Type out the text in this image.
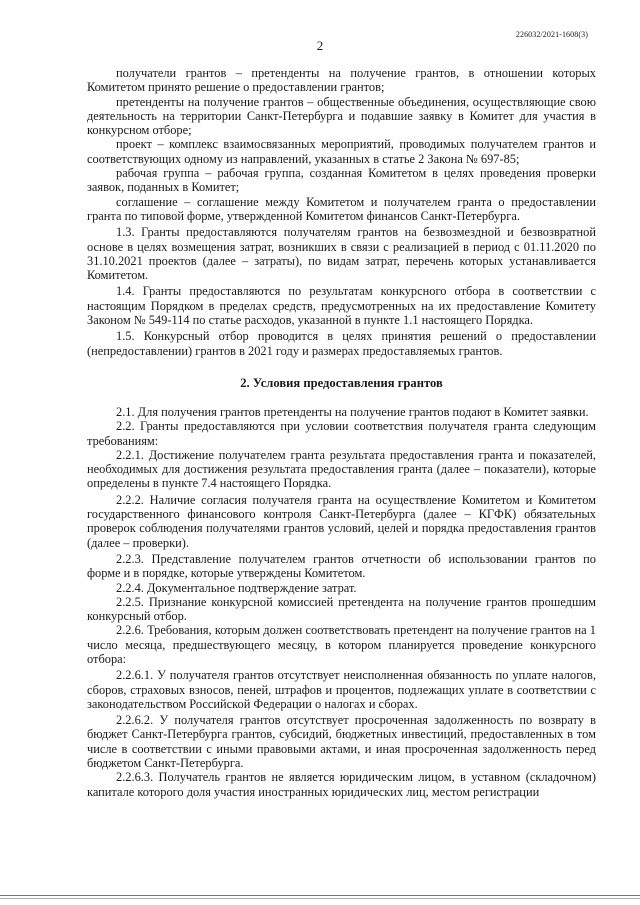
226032/2021-1608(3)
2

получатели грантов – претенденты на получение грантов, в отношении которых Комитетом принято решение о предоставлении грантов;

претенденты на получение грантов – общественные объединения, осуществляющие свою деятельность на территории Санкт-Петербурга и подавшие заявку в Комитет для участия в конкурсном отборе;

проект – комплекс взаимосвязанных мероприятий, проводимых получателем грантов и соответствующих одному из направлений, указанных в статье 2 Закона № 697-85;

рабочая группа – рабочая группа, созданная Комитетом в целях проведения проверки заявок, поданных в Комитет;

соглашение – соглашение между Комитетом и получателем гранта о предоставлении гранта по типовой форме, утвержденной Комитетом финансов Санкт-Петербурга.

1.3. Гранты предоставляются получателям грантов на безвозмездной и безвозвратной основе в целях возмещения затрат, возникших в связи с реализацией в период с 01.11.2020 по 31.10.2021 проектов (далее – затраты), по видам затрат, перечень которых устанавливается Комитетом.

1.4. Гранты предоставляются по результатам конкурсного отбора в соответствии с настоящим Порядком в пределах средств, предусмотренных на их предоставление Комитету Законом № 549-114 по статье расходов, указанной в пункте 1.1 настоящего Порядка.

1.5. Конкурсный отбор проводится в целях принятия решений о предоставлении (непредоставлении) грантов в 2021 году и размерах предоставляемых грантов.

2. Условия предоставления грантов

2.1. Для получения грантов претенденты на получение грантов подают в Комитет заявки.

2.2. Гранты предоставляются при условии соответствия получателя гранта следующим требованиям:

2.2.1. Достижение получателем гранта результата предоставления гранта и показателей, необходимых для достижения результата предоставления гранта (далее – показатели), которые определены в пункте 7.4 настоящего Порядка.

2.2.2. Наличие согласия получателя гранта на осуществление Комитетом и Комитетом государственного финансового контроля Санкт-Петербурга (далее – КГФК) обязательных проверок соблюдения получателями грантов условий, целей и порядка предоставления грантов (далее – проверки).

2.2.3. Представление получателем грантов отчетности об использовании грантов по форме и в порядке, которые утверждены Комитетом.

2.2.4. Документальное подтверждение затрат.

2.2.5. Признание конкурсной комиссией претендента на получение грантов прошедшим конкурсный отбор.

2.2.6. Требования, которым должен соответствовать претендент на получение грантов на 1 число месяца, предшествующего месяцу, в котором планируется проведение конкурсного отбора:

2.2.6.1. У получателя грантов отсутствует неисполненная обязанность по уплате налогов, сборов, страховых взносов, пеней, штрафов и процентов, подлежащих уплате в соответствии с законодательством Российской Федерации о налогах и сборах.

2.2.6.2. У получателя грантов отсутствует просроченная задолженность по возврату в бюджет Санкт-Петербурга грантов, субсидий, бюджетных инвестиций, предоставленных в том числе в соответствии с иными правовыми актами, и иная просроченная задолженность перед бюджетом Санкт-Петербурга.

2.2.6.3. Получатель грантов не является юридическим лицом, в уставном (складочном) капитале которого доля участия иностранных юридических лиц, местом регистрации
